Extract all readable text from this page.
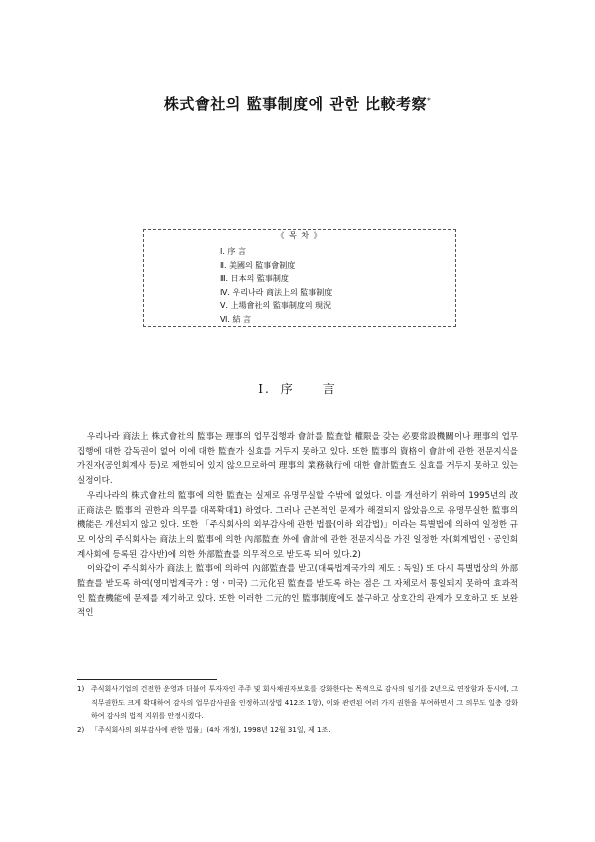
株式會社의 監事制度에 관한 比較考察*
《 목 차 》
Ⅰ. 序 言
Ⅱ. 美國의 監事會制度
Ⅲ. 日本의 監事制度
Ⅳ. 우리나라 商法上의 監事制度
Ⅴ. 上場會社의 監事制度의 現況
Ⅵ. 結 言
Ⅰ. 序 言

우리나라 商法上 株式會社의 監事는 理事의 업무집행과 會計를 監査할 權限을 갖는 必要常設機關이나 理事의 업무집행에 대한 감독권이 없어 이에 대한 監査가 실효를 거두지 못하고 있다. 또한 監事의 資格이 會計에 관한 전문지식을 가진자(공인회계사 등)로 제한되어 있지 않으므로하여 理事의 業務執行에 대한 會計監査도 실효를 거두지 못하고 있는 실정이다.

우리나라의 株式會社의 監事에 의한 監査는 실제로 유명무실할 수밖에 없었다. 이를 개선하기 위하여 1995년의 改正商法은 監事의 권한과 의무를 대폭확대1) 하였다. 그러나 근본적인 문제가 해결되지 않았음으로 유명무실한 監事의 機能은 개선되지 않고 있다. 또한 「주식회사의 외부감사에 관한 법률(이하 외감법)」이라는 특별법에 의하여 일정한 규모 이상의 주식회사는 商法上의 監事에 의한 內部監査 外에 會計에 관한 전문지식을 가진 일정한 자(회계법인ㆍ공인회계사회에 등록된 감사반)에 의한 外部監査를 의무적으로 받도록 되어 있다.2)

이와같이 주식회사가 商法上 監事에 의하여 內部監査를 받고(대륙법계국가의 제도 : 독일) 또 다시 특별법상의 外部監査를 받도록 하여(영미법계국가 : 영ㆍ미국) 二元化된 監査를 받도록 하는 점은 그 자체로서 통일되지 못하여 효과적인 監査機能에 문제를 제기하고 있다. 또한 이러한 二元的인 監事制度에도 불구하고 상호간의 관계가 모호하고 또 보완적인

1) 주식회사기업의 건전한 운영과 더불어 투자자인 주주 및 회사채권자보호를 강화한다는 목적으로 감사의 임기를 2년으로 연장함과 동시에, 그 직무권한도 크게 확대하여 감사의 업무감사권을 인정하고(상법 412조 1항), 이와 관련된 여러 가지 권한을 부여하면서 그 의무도 일층 강화하여 감사의 법적 지위를 안정시켰다.
2) 「주식회사의 외부감사에 관한 법률」(4차 개정), 1998년 12월 31일, 제 1조.
